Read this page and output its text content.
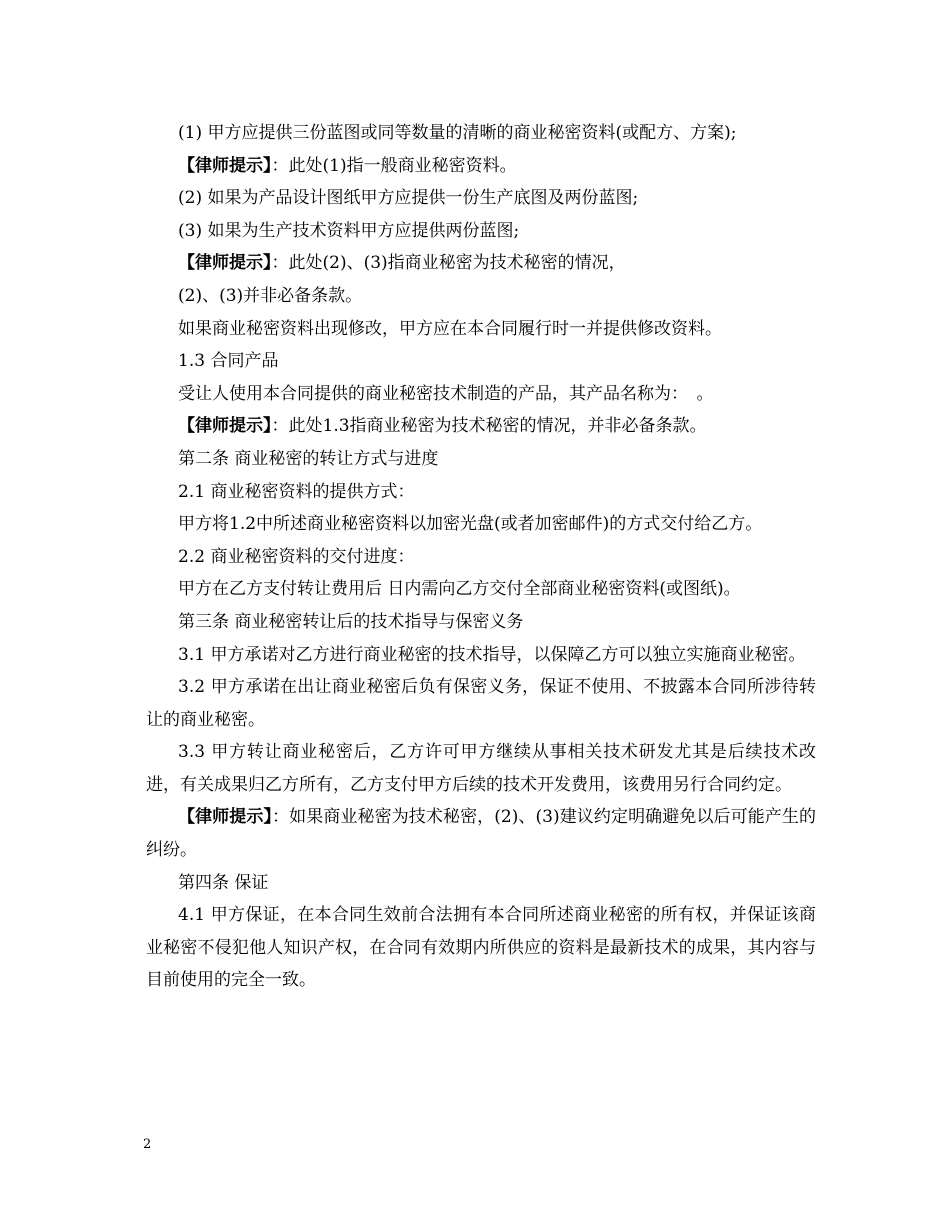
(1) 甲方应提供三份蓝图或同等数量的清晰的商业秘密资料(或配方、方案);

【律师提示】：此处(1)指一般商业秘密资料。

(2) 如果为产品设计图纸甲方应提供一份生产底图及两份蓝图;

(3) 如果为生产技术资料甲方应提供两份蓝图;

【律师提示】：此处(2)、(3)指商业秘密为技术秘密的情况，

(2)、(3)并非必备条款。

如果商业秘密资料出现修改，甲方应在本合同履行时一并提供修改资料。

1.3 合同产品

受让人使用本合同提供的商业秘密技术制造的产品，其产品名称为：　。

【律师提示】：此处1.3指商业秘密为技术秘密的情况，并非必备条款。

第二条 商业秘密的转让方式与进度

2.1 商业秘密资料的提供方式：

甲方将1.2中所述商业秘密资料以加密光盘(或者加密邮件)的方式交付给乙方。

2.2 商业秘密资料的交付进度：

甲方在乙方支付转让费用后 日内需向乙方交付全部商业秘密资料(或图纸)。

第三条 商业秘密转让后的技术指导与保密义务

3.1 甲方承诺对乙方进行商业秘密的技术指导，以保障乙方可以独立实施商业秘密。

3.2 甲方承诺在出让商业秘密后负有保密义务，保证不使用、不披露本合同所涉待转让的商业秘密。

3.3 甲方转让商业秘密后，乙方许可甲方继续从事相关技术研发尤其是后续技术改进，有关成果归乙方所有，乙方支付甲方后续的技术开发费用，该费用另行合同约定。

【律师提示】：如果商业秘密为技术秘密，(2)、(3)建议约定明确避免以后可能产生的纠纷。

第四条 保证

4.1 甲方保证，在本合同生效前合法拥有本合同所述商业秘密的所有权，并保证该商业秘密不侵犯他人知识产权，在合同有效期内所供应的资料是最新技术的成果，其内容与目前使用的完全一致。

2
